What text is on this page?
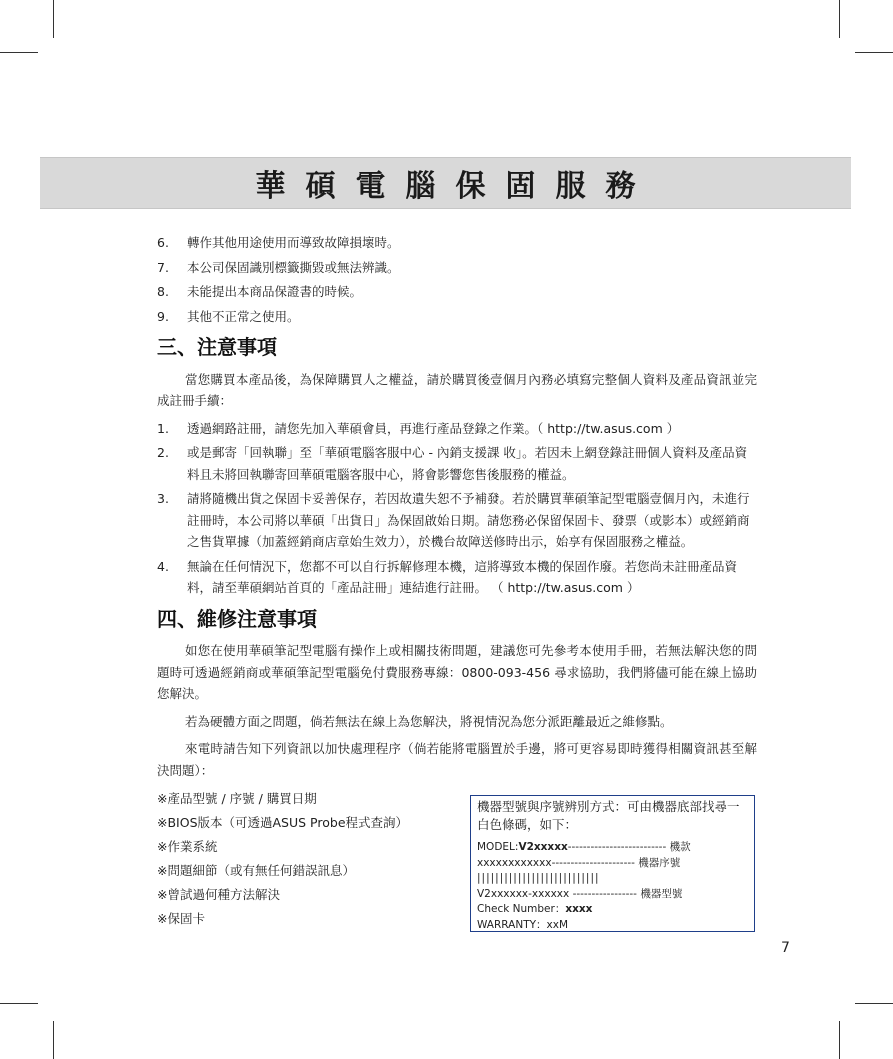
華碩電腦保固服務
6. 轉作其他用途使用而導致故障損壞時。
7. 本公司保固識別標籤撕毀或無法辨識。
8. 未能提出本商品保證書的時候。
9. 其他不正常之使用。
三、注意事項

當您購買本產品後，為保障購買人之權益，請於購買後壹個月內務必填寫完整個人資料及產品資訊並完成註冊手續：

1. 透過網路註冊，請您先加入華碩會員，再進行產品登錄之作業。（ http://tw.asus.com ）
2. 或是郵寄「回執聯」至「華碩電腦客服中心 - 內銷支援課 收」。若因未上網登錄註冊個人資料及產品資料且未將回執聯寄回華碩電腦客服中心，將會影響您售後服務的權益。
3. 請將隨機出貨之保固卡妥善保存，若因故遺失恕不予補發。若於購買華碩筆記型電腦壹個月內，未進行註冊時，本公司將以華碩「出貨日」為保固啟始日期。請您務必保留保固卡、發票（或影本）或經銷商之售貨單據（加蓋經銷商店章始生效力），於機台故障送修時出示，始享有保固服務之權益。
4. 無論在任何情況下，您都不可以自行拆解修理本機，這將導致本機的保固作廢。若您尚未註冊產品資料，請至華碩網站首頁的「產品註冊」連結進行註冊。 （ http://tw.asus.com ）
四、維修注意事項

如您在使用華碩筆記型電腦有操作上或相關技術問題，建議您可先參考本使用手冊，若無法解決您的問題時可透過經銷商或華碩筆記型電腦免付費服務專線：0800-093-456 尋求協助，我們將儘可能在線上協助您解決。

若為硬體方面之問題，倘若無法在線上為您解決，將視情況為您分派距離最近之維修點。

來電時請告知下列資訊以加快處理程序（倘若能將電腦置於手邊，將可更容易即時獲得相關資訊甚至解決問題）：

※產品型號 / 序號 / 購買日期
※BIOS版本（可透過ASUS Probe程式查詢）
※作業系統
※問題細節（或有無任何錯誤訊息）
※曾試過何種方法解決
※保固卡
機器型號與序號辨別方式：可由機器底部找尋一白色條碼，如下：
MODEL:V2xxxxx-------------------------- 機款
xxxxxxxxxxxx---------------------- 機器序號
|||||||||||||||||||||||||||
V2xxxxxx-xxxxxx ----------------- 機器型號
Check Number：xxxx
WARRANTY：xxM
7
